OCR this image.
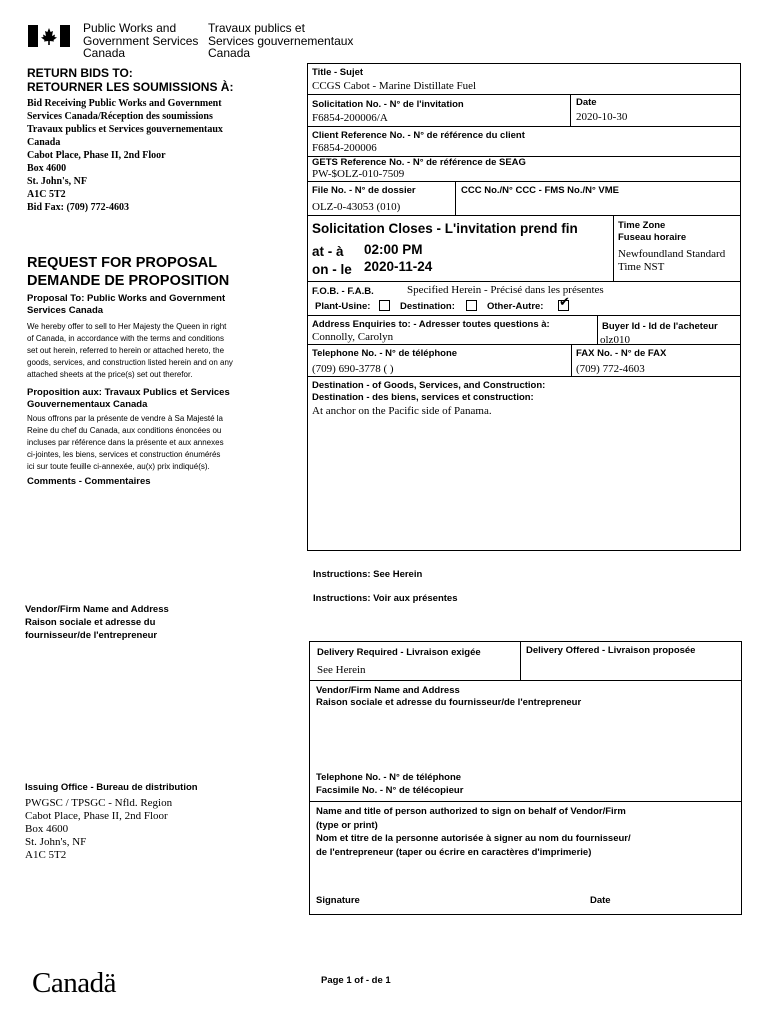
Public Works and
Government Services
Canada
Travaux publics et
Services gouvernementaux
Canada
RETURN BIDS TO:
RETOURNER LES SOUMISSIONS À:
Bid Receiving Public Works and Government
Services Canada/Réception des soumissions
Travaux publics et Services gouvernementaux
Canada
Cabot Place, Phase II, 2nd Floor
Box 4600
St. John's, NF
A1C 5T2
Bid Fax: (709) 772-4603
REQUEST FOR PROPOSAL
DEMANDE DE PROPOSITION
Proposal To: Public Works and Government
Services Canada
We hereby offer to sell to Her Majesty the Queen in right
of Canada, in accordance with the terms and conditions
set out herein, referred to herein or attached hereto, the
goods, services, and construction listed herein and on any
attached sheets at the price(s) set out therefor.
Proposition aux: Travaux Publics et Services
Gouvernementaux Canada
Nous offrons par la présente de vendre à Sa Majesté la
Reine du chef du Canada, aux conditions énoncées ou
incluses par référence dans la présente et aux annexes
ci-jointes, les biens, services et construction énumérés
ici sur toute feuille ci-annexée, au(x) prix indiqué(s).
Comments - Commentaires
Vendor/Firm Name and Address
Raison sociale et adresse du
fournisseur/de l'entrepreneur
Issuing Office - Bureau de distribution
PWGSC / TPSGC - Nfld. Region
Cabot Place, Phase II, 2nd Floor
Box 4600
St. John's, NF
A1C 5T2
Title - Sujet
CCGS Cabot - Marine Distillate Fuel
Solicitation No. - N° de l'invitation
F6854-200006/A
Date
2020-10-30
Client Reference No. - N° de référence du client
F6854-200006
GETS Reference No. - N° de référence de SEAG
PW-$OLZ-010-7509
File No. - N° de dossier
OLZ-0-43053 (010)
CCC No./N° CCC - FMS No./N° VME
Solicitation Closes - L'invitation prend fin
at - à 02:00 PM
on - le 2020-11-24
Time Zone
Fuseau horaire
Newfoundland Standard
Time NST
F.O.B. - F.A.B.	Specified Herein - Précisé dans les présentes
Plant-Usine:	Destination:	Other-Autre: ✔
Address Enquiries to: - Adresser toutes questions à:
Connolly, Carolyn
Buyer Id - Id de l'acheteur
olz010
Telephone No. - N° de téléphone
(709) 690-3778 ( )
FAX No. - N° de FAX
(709) 772-4603
Destination - of Goods, Services, and Construction:
Destination - des biens, services et construction:
At anchor on the Pacific side of Panama.
Instructions: See Herein
Instructions: Voir aux présentes
Delivery Required - Livraison exigée
See Herein
Delivery Offered - Livraison proposée
Vendor/Firm Name and Address
Raison sociale et adresse du fournisseur/de l'entrepreneur
Telephone No. - N° de téléphone
Facsimile No. - N° de télécopieur
Name and title of person authorized to sign on behalf of Vendor/Firm
(type or print)
Nom et titre de la personne autorisée à signer au nom du fournisseur/
de l'entrepreneur (taper ou écrire en caractères d'imprimerie)
Signature	Date
Canadä	Page 1 of - de 1
